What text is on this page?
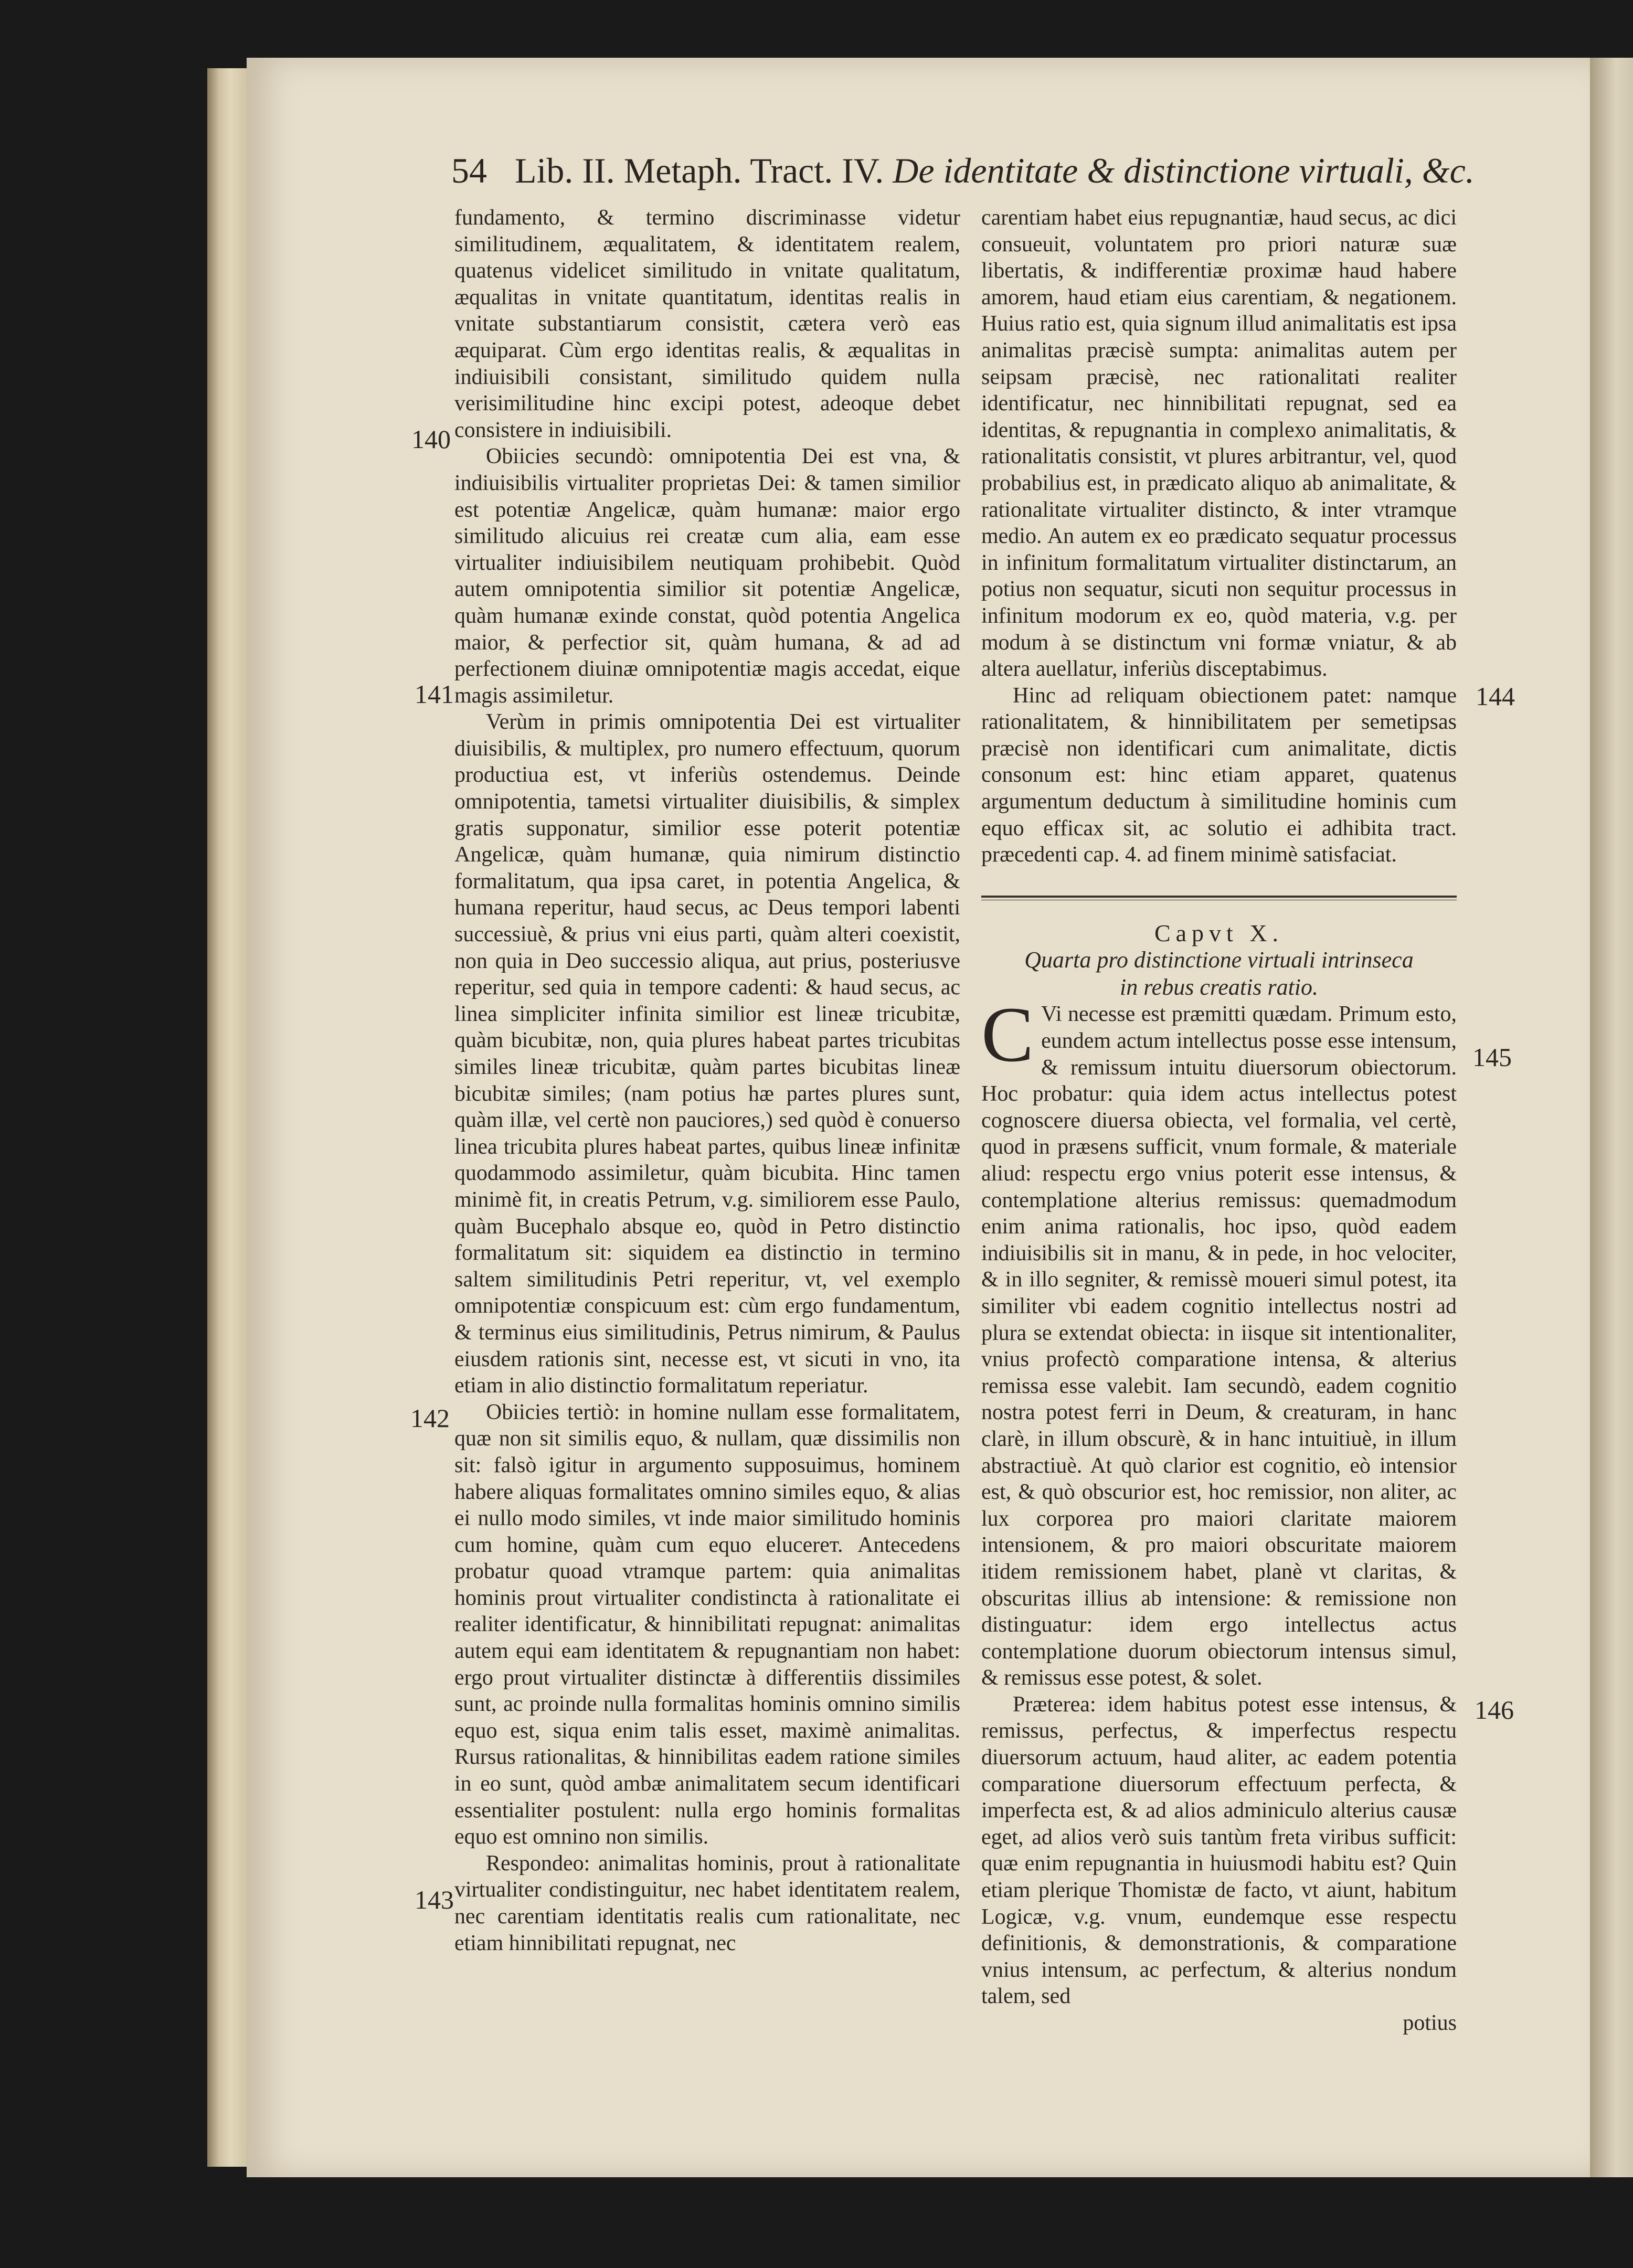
54 Lib. II. Metaph. Tract. IV. De identitate & distinctione virtuali, &c.
140
141
142
143
144
145
146

fundamento, & termino discriminasse videtur similitudinem, æqualitatem, & identitatem realem, quatenus videlicet similitudo in vnitate qualitatum, æqualitas in vnitate quantitatum, identitas realis in vnitate substantiarum consistit, cætera verò eas æquiparat. Cùm ergo identitas realis, & æqualitas in indiuisibili consistant, similitudo quidem nulla verisimilitudine hinc excipi potest, adeoque debet consistere in indiuisibili.

Obiicies secundò: omnipotentia Dei est vna, & indiuisibilis virtualiter proprietas Dei: & tamen similior est potentiæ Angelicæ, quàm humanæ: maior ergo similitudo alicuius rei creatæ cum alia, eam esse virtualiter indiuisibilem neutiquam prohibebit. Quòd autem omnipotentia similior sit potentiæ Angelicæ, quàm humanæ exinde constat, quòd potentia Angelica maior, & perfectior sit, quàm humana, & ad ad perfectionem diuinæ omnipotentiæ magis accedat, eique magis assimiletur.

Verùm in primis omnipotentia Dei est virtualiter diuisibilis, & multiplex, pro numero effectuum, quorum productiua est, vt inferiùs ostendemus. Deinde omnipotentia, tametsi virtualiter diuisibilis, & simplex gratis supponatur, similior esse poterit potentiæ Angelicæ, quàm humanæ, quia nimirum distinctio formalitatum, qua ipsa caret, in potentia Angelica, & humana reperitur, haud secus, ac Deus tempori labenti successiuè, & prius vni eius parti, quàm alteri coexistit, non quia in Deo successio aliqua, aut prius, posteriusve reperitur, sed quia in tempore cadenti: & haud secus, ac linea simpliciter infinita similior est lineæ tricubitæ, quàm bicubitæ, non, quia plures habeat partes tricubitas similes lineæ tricubitæ, quàm partes bicubitas lineæ bicubitæ similes; (nam potius hæ partes plures sunt, quàm illæ, vel certè non pauciores,) sed quòd è conuerso linea tricubita plures habeat partes, quibus lineæ infinitæ quodammodo assimiletur, quàm bicubita. Hinc tamen minimè fit, in creatis Petrum, v.g. similiorem esse Paulo, quàm Bucephalo absque eo, quòd in Petro distinctio formalitatum sit: siquidem ea distinctio in termino saltem similitudinis Petri reperitur, vt, vel exemplo omnipotentiæ conspicuum est: cùm ergo fundamentum, & terminus eius similitudinis, Petrus nimirum, & Paulus eiusdem rationis sint, necesse est, vt sicuti in vno, ita etiam in alio distinctio formalitatum reperiatur.

Obiicies tertiò: in homine nullam esse formalitatem, quæ non sit similis equo, & nullam, quæ dissimilis non sit: falsò igitur in argumento supposuimus, hominem habere aliquas formalitates omnino similes equo, & alias ei nullo modo similes, vt inde maior similitudo hominis cum homine, quàm cum equo elucerет. Antecedens probatur quoad vtramque partem: quia animalitas hominis prout virtualiter condistincta à rationalitate ei realiter identificatur, & hinnibilitati repugnat: animalitas autem equi eam identitatem & repugnantiam non habet: ergo prout virtualiter distinctæ à differentiis dissimiles sunt, ac proinde nulla formalitas hominis omnino similis equo est, siqua enim talis esset, maximè animalitas. Rursus rationalitas, & hinnibilitas eadem ratione similes in eo sunt, quòd ambæ animalitatem secum identificari essentialiter postulent: nulla ergo hominis formalitas equo est omnino non similis.

Respondeo: animalitas hominis, prout à rationalitate virtualiter condistinguitur, nec habet identitatem realem, nec carentiam identitatis realis cum rationalitate, nec etiam hinnibilitati repugnat, nec

carentiam habet eius repugnantiæ, haud secus, ac dici consueuit, voluntatem pro priori naturæ suæ libertatis, & indifferentiæ proximæ haud habere amorem, haud etiam eius carentiam, & negationem. Huius ratio est, quia signum illud animalitatis est ipsa animalitas præcisè sumpta: animalitas autem per seipsam præcisè, nec rationalitati realiter identificatur, nec hinnibilitati repugnat, sed ea identitas, & repugnantia in complexo animalitatis, & rationalitatis consistit, vt plures arbitrantur, vel, quod probabilius est, in prædicato aliquo ab animalitate, & rationalitate virtualiter distincto, & inter vtramque medio. An autem ex eo prædicato sequatur processus in infinitum formalitatum virtualiter distinctarum, an potius non sequatur, sicuti non sequitur processus in infinitum modorum ex eo, quòd materia, v.g. per modum à se distinctum vni formæ vniatur, & ab altera auellatur, inferiùs disceptabimus.

Hinc ad reliquam obiectionem patet: namque rationalitatem, & hinnibilitatem per semetipsas præcisè non identificari cum animalitate, dictis consonum est: hinc etiam apparet, quatenus argumentum deductum à similitudine hominis cum equo efficax sit, ac solutio ei adhibita tract. præcedenti cap. 4. ad finem minimè satisfaciat.

Capvt X.

Quarta pro distinctione virtuali intrinseca
in rebus creatis ratio.

C Vi necesse est præmitti quædam. Primum esto, eundem actum intellectus posse esse intensum, & remissum intuitu diuersorum obiectorum. Hoc probatur: quia idem actus intellectus potest cognoscere diuersa obiecta, vel formalia, vel certè, quod in præsens sufficit, vnum formale, & materiale aliud: respectu ergo vnius poterit esse intensus, & contemplatione alterius remissus: quemadmodum enim anima rationalis, hoc ipso, quòd eadem indiuisibilis sit in manu, & in pede, in hoc velociter, & in illo segniter, & remissè moueri simul potest, ita similiter vbi eadem cognitio intellectus nostri ad plura se extendat obiecta: in iisque sit intentionaliter, vnius profectò comparatione intensa, & alterius remissa esse valebit. Iam secundò, eadem cognitio nostra potest ferri in Deum, & creaturam, in hanc clarè, in illum obscurè, & in hanc intuitiuè, in illum abstractiuè. At quò clarior est cognitio, eò intensior est, & quò obscurior est, hoc remissior, non aliter, ac lux corporea pro maiori claritate maiorem intensionem, & pro maiori obscuritate maiorem itidem remissionem habet, planè vt claritas, & obscuritas illius ab intensione: & remissione non distinguatur: idem ergo intellectus actus contemplatione duorum obiectorum intensus simul, & remissus esse potest, & solet.

Præterea: idem habitus potest esse intensus, & remissus, perfectus, & imperfectus respectu diuersorum actuum, haud aliter, ac eadem potentia comparatione diuersorum effectuum perfecta, & imperfecta est, & ad alios adminiculo alterius causæ eget, ad alios verò suis tantùm freta viribus sufficit: quæ enim repugnantia in huiusmodi habitu est? Quin etiam plerique Thomistæ de facto, vt aiunt, habitum Logicæ, v.g. vnum, eundemque esse respectu definitionis, & demonstrationis, & comparatione vnius intensum, ac perfectum, & alterius nondum talem, sed

potius
